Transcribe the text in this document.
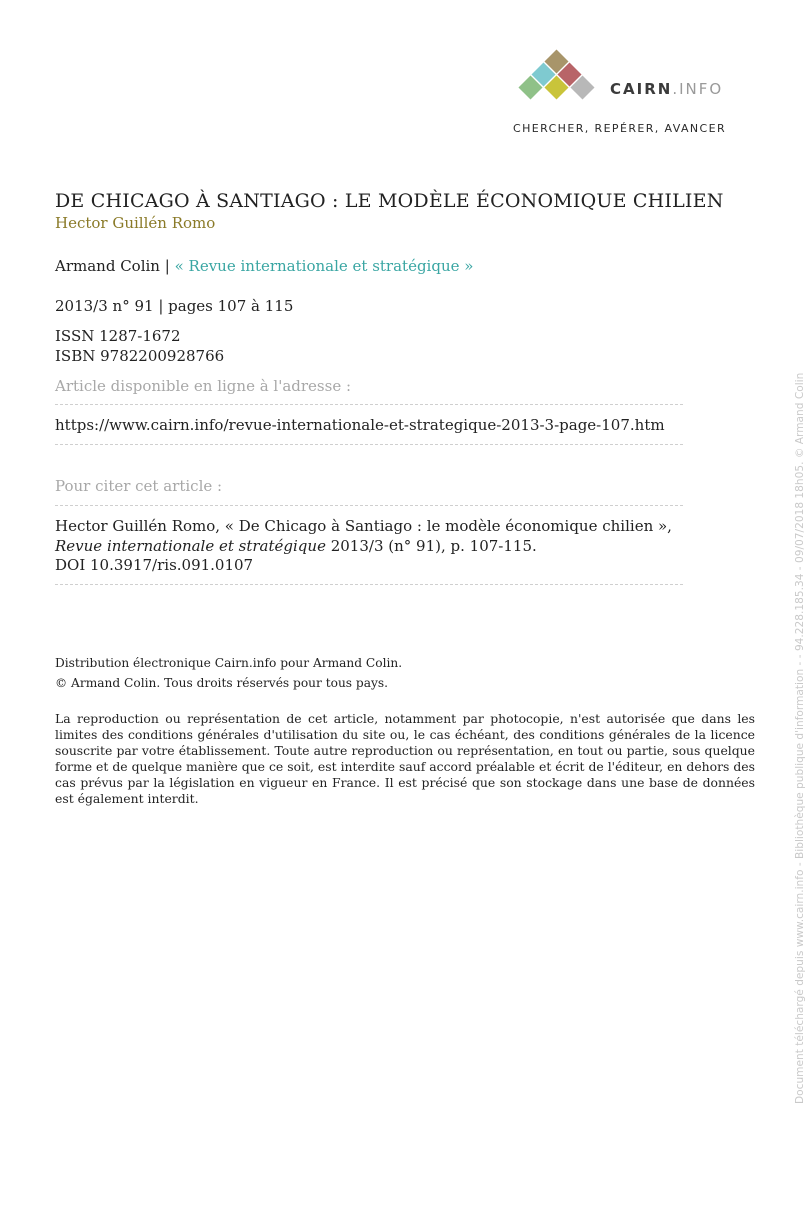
CAIRN.INFO
CHERCHER, REPÉRER, AVANCER
DE CHICAGO À SANTIAGO : LE MODÈLE ÉCONOMIQUE CHILIEN
Hector Guillén Romo
Armand Colin | « Revue internationale et stratégique »
2013/3 n° 91 | pages 107 à 115
ISSN 1287-1672
ISBN 9782200928766
Article disponible en ligne à l'adresse :
https://www.cairn.info/revue-internationale-et-strategique-2013-3-page-107.htm
Pour citer cet article :
Hector Guillén Romo, « De Chicago à Santiago : le modèle économique chilien »,
Revue internationale et stratégique 2013/3 (n° 91), p. 107-115.
DOI 10.3917/ris.091.0107
Distribution électronique Cairn.info pour Armand Colin.
© Armand Colin. Tous droits réservés pour tous pays.
La reproduction ou représentation de cet article, notamment par photocopie, n'est autorisée que dans les limites des conditions générales d'utilisation du site ou, le cas échéant, des conditions générales de la licence souscrite par votre établissement. Toute autre reproduction ou représentation, en tout ou partie, sous quelque forme et de quelque manière que ce soit, est interdite sauf accord préalable et écrit de l'éditeur, en dehors des cas prévus par la législation en vigueur en France. Il est précisé que son stockage dans une base de données est également interdit.	Document téléchargé depuis www.cairn.info - Bibliothèque publique d'information - - 94.228.185.34 - 09/07/2018 18h05. © Armand Colin
